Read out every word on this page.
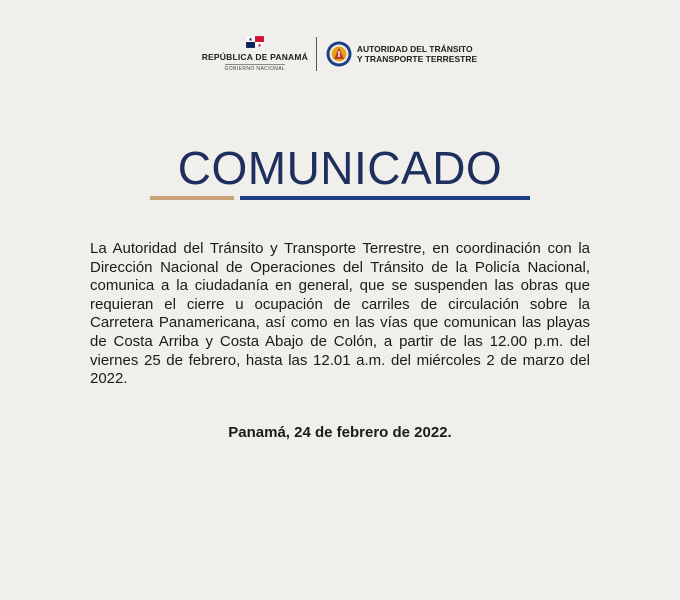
REPÚBLICA DE PANAMÁ
GOBIERNO NACIONAL
AUTORIDAD DEL TRÁNSITO
Y TRANSPORTE TERRESTRE
COMUNICADO
La Autoridad del Tránsito y Transporte Terrestre, en coordinación con la Dirección Nacional de Operaciones del Tránsito de la Policía Nacional, comunica a la ciudadanía en general, que se suspenden las obras que requieran el cierre u ocupación de carriles de circulación sobre la Carretera Panamericana, así como en las vías que comunican las playas de Costa Arriba y Costa Abajo de Colón, a partir de las 12.00 p.m. del viernes 25 de febrero, hasta las 12.01 a.m. del miércoles 2 de marzo del 2022.
Panamá, 24 de febrero de 2022.
